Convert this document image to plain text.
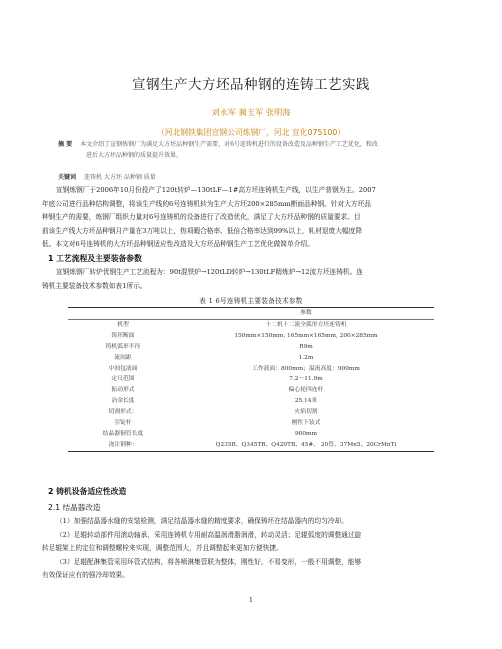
宣钢生产大方坯品种钢的连铸工艺实践
刘永军 蔺玉军 张明海
（河北钢铁集团宣钢公司炼钢厂，河北 宣化075100）
摘 要 本文介绍了宣钢炼钢厂为满足大方坯品种钢生产需要，对6号连铸机进行的设备改造及品种钢生产工艺优化，和改
进后大方坯品种钢的质量提升效果。
关键词 连铸机 大方坯 品种钢 质量
宣钢炼钢厂于2006年10月份投产了120t转炉—130tLF—1#高方坯连铸机生产线，以生产普钢为主。2007
年底公司进行品种结构调整，将该生产线的6号连铸机转为生产大方坯200×285mm断面品种钢。针对大方坯品
种钢生产的需要，炼钢厂组织力量对6号连铸机的设备进行了改造优化，满足了大方坯品种钢的质量要求。目
前该生产线大方坯品种钢月产量在3万吨以上，热项暇合格率、低倍合格率达到99%以上，轧材退废大幅度降
低。本文对6号连铸机的大方坯品种钢适应性改造及大方坯品种钢生产工艺优化做简单介绍。
1 工艺流程及主要装备参数
宣钢炼钢厂转炉优钢生产工艺流程为：90t混铁炉→120tLD转炉→130tLF精炼炉→12流方坯连铸机。连
铸机主要装备技术参数如表1所示。
表 1 6号连铸机主要装备技术参数
	参数
机型	十二机十二流全弧形方坯连铸机
铸坯断面	150mm×150mm, 165mm×165mm, 200×285mm
铸机弧形半径	R9m
流间距	1.2m
中间包液面	工作液面：800mm；溢流高度：900mm
定尺范围	7.2～11.9m
振动形式	偏心轮四连杆
冶金长度	25.14米
切割形式：	火焰切割
引锭杆	刚性下装式
结晶器铜管长度	900mm
浇注钢种：	Q235B、Q345TB、Q420TB、45#、 20管、37Mn5、20CrMnTi
2 铸机设备适应性改造
2.1 结晶器改造
（1）加强结晶器水缝的安装检测，满足结晶器水缝的精度要求，确保铸坯在结晶器内的均匀冷却。
（2）足辊转动部件用滚动轴承，采用连铸机专用耐高温润滑脂润滑，转动灵活；足辊弧度的调整通过旋
转足辊架上的定位和调整螺栓来实现，调整范围大，并且调整起来更加方便快捷。
（3）足辊配淋集管采用环管式结构，将各喷淋集管联为整体，刚性好，不易变形，一般不用调整，能够
有效保证应有的强冷却效果。
1
